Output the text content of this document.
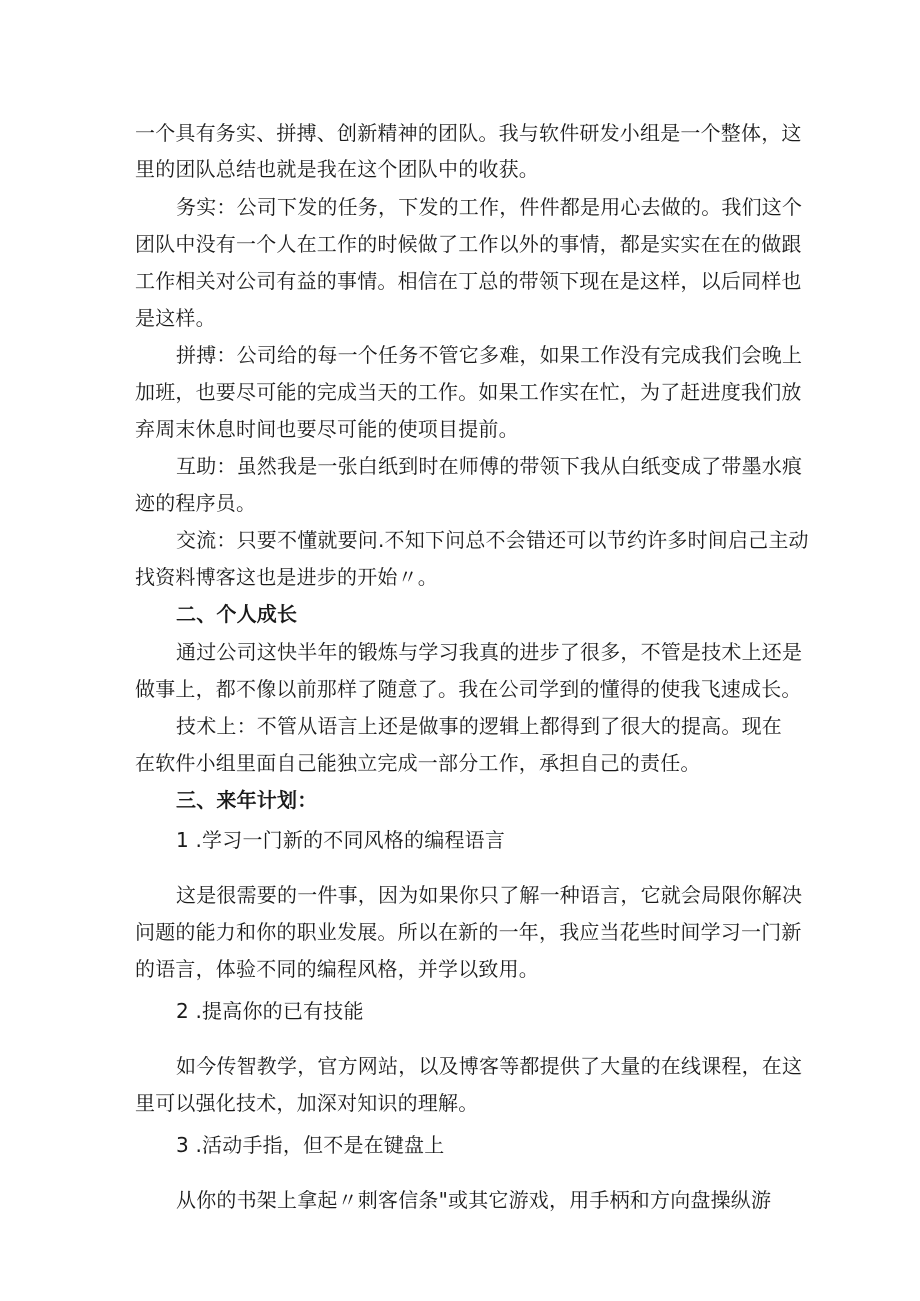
一个具有务实、拼搏、创新精神的团队。我与软件研发小组是一个整体，这
里的团队总结也就是我在这个团队中的收获。
务实：公司下发的任务，下发的工作，件件都是用心去做的。我们这个
团队中没有一个人在工作的时候做了工作以外的事情，都是实实在在的做跟
工作相关对公司有益的事情。相信在丁总的带领下现在是这样，以后同样也
是这样。
拼搏：公司给的每一个任务不管它多难，如果工作没有完成我们会晚上
加班，也要尽可能的完成当天的工作。如果工作实在忙，为了赶进度我们放
弃周末休息时间也要尽可能的使项目提前。
互助：虽然我是一张白纸到时在师傅的带领下我从白纸变成了带墨水痕
迹的程序员。
交流：只要不懂就要问.不知下问总不会错还可以节约许多时间启己主动
找资料博客这也是进步的开始〃。
二、个人成长
通过公司这快半年的锻炼与学习我真的进步了很多，不管是技术上还是
做事上，都不像以前那样了随意了。我在公司学到的懂得的使我飞速成长。
技术上：不管从语言上还是做事的逻辑上都得到了很大的提高。现在
在软件小组里面自己能独立完成一部分工作，承担自己的责任。
三、来年计划：
1 .学习一门新的不同风格的编程语言
这是很需要的一件事，因为如果你只了解一种语言，它就会局限你解决
问题的能力和你的职业发展。所以在新的一年，我应当花些时间学习一门新
的语言，体验不同的编程风格，并学以致用。
2 .提高你的已有技能
如今传智教学，官方网站，以及博客等都提供了大量的在线课程，在这
里可以强化技术，加深对知识的理解。
3 .活动手指，但不是在键盘上
从你的书架上拿起〃刺客信条"或其它游戏，用手柄和方向盘操纵游
